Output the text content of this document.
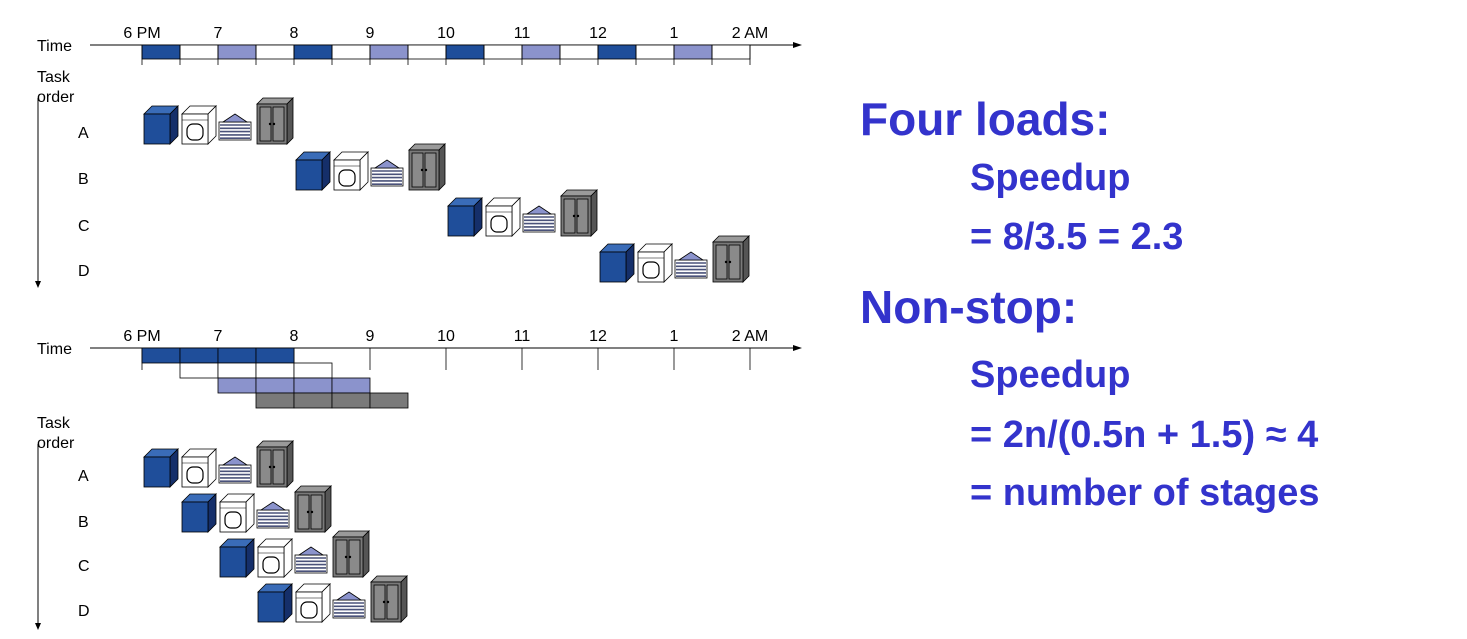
Time
6 PM	7	8	9	10	11	12	1	2 AM
Task
order
A
B
C
D
Time
6 PM	7	8	9	10	11	12	1	2 AM
Task
order
A
B
C
D
Four loads:
Speedup
= 8/3.5 = 2.3
Non-stop:
Speedup
= 2n/(0.5n + 1.5) ≈ 4
= number of stages
